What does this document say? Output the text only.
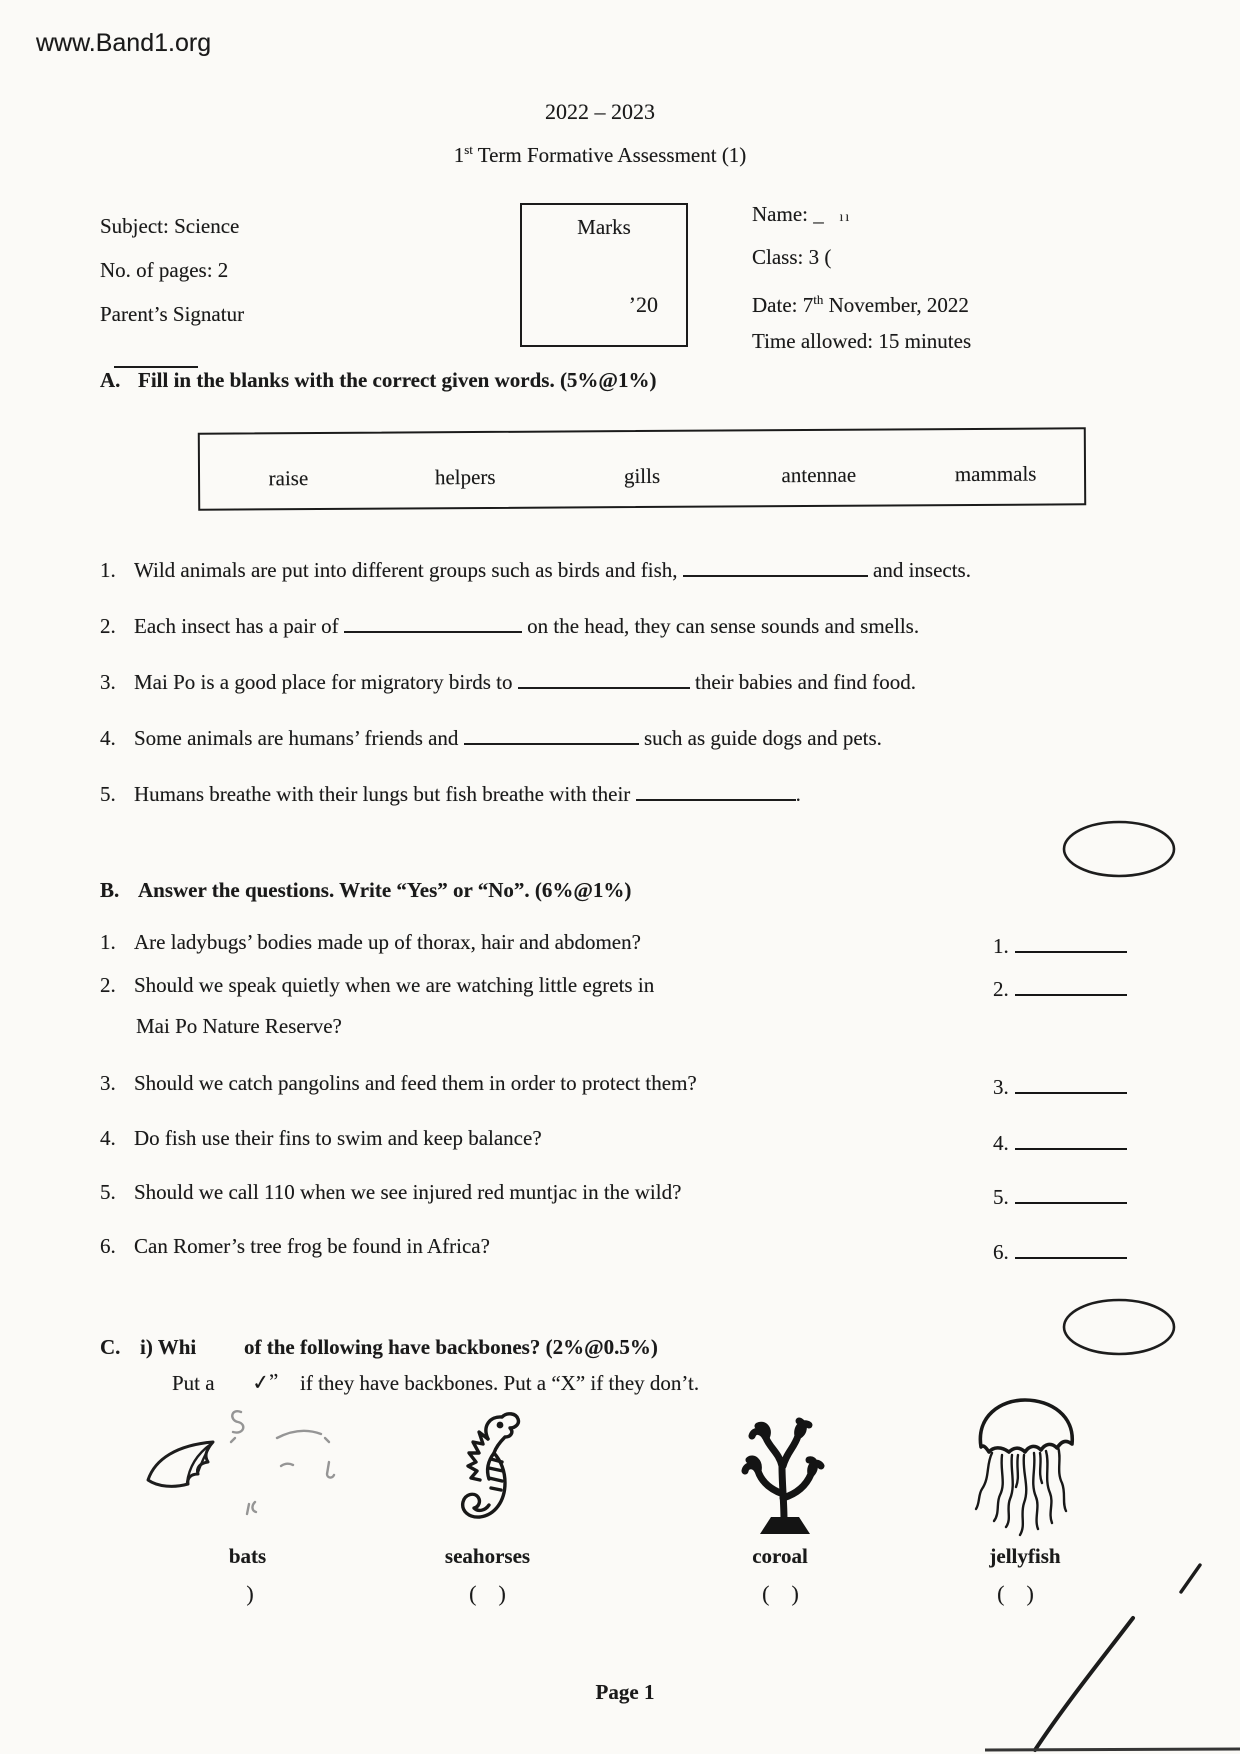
www.Band1.org
2022 – 2023
1st Term Formative Assessment (1)
Subject: Science
No. of pages: 2
Parent’s Signatur
Marks
’20
Name: _ ıı
Class: 3 (
Date: 7th November, 2022
Time allowed: 15 minutes
A. Fill in the blanks with the correct given words. (5%@1%)
raise	helpers	gills	antennae	mammals
1. Wild animals are put into different groups such as birds and fish,	and insects.
2. Each insect has a pair of	on the head, they can sense sounds and smells.
3. Mai Po is a good place for migratory birds to	their babies and find food.
4. Some animals are humans’ friends and	such as guide dogs and pets.
5. Humans breathe with their lungs but fish breathe with their	.
B. Answer the questions. Write “Yes” or “No”. (6%@1%)
1. Are ladybugs’ bodies made up of thorax, hair and abdomen?
2. Should we speak quietly when we are watching little egrets in
Mai Po Nature Reserve?
3. Should we catch pangolins and feed them in order to protect them?
4. Do fish use their fins to swim and keep balance?
5. Should we call 110 when we see injured red muntjac in the wild?
6. Can Romer’s tree frog be found in Africa?
1.
2.
3.
4.
5.
6.
C. i) Whi of the following have backbones? (2%@0.5%)
Put a ✓” if they have backbones. Put a “X” if they don’t.
bats	seahorses	coroal	jellyfish
)	(    )	(    )	(    )
Page 1
